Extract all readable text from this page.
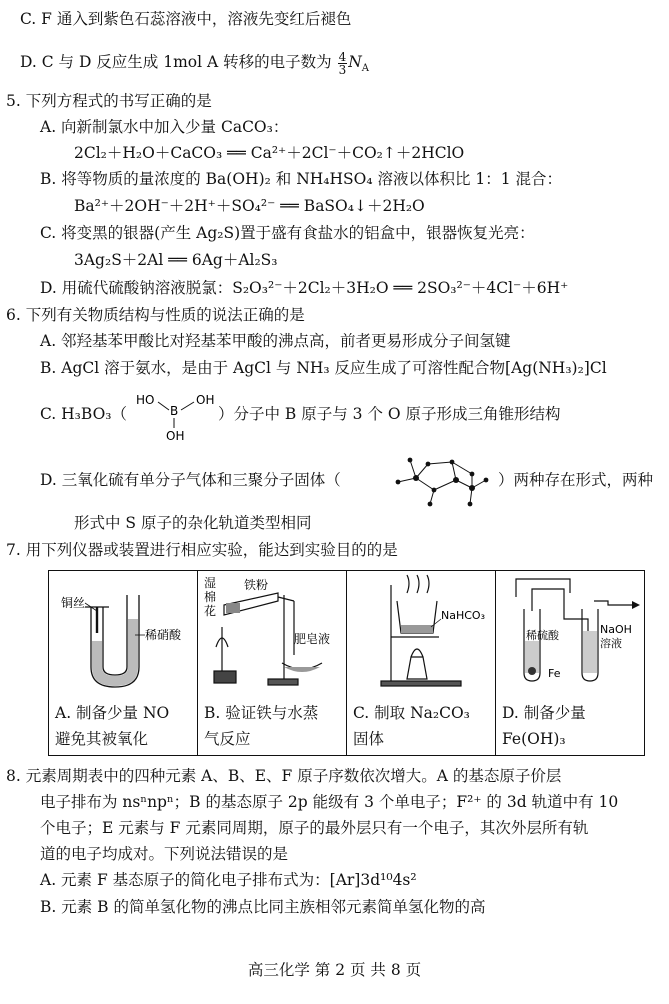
C. F 通入到紫色石蕊溶液中，溶液先变红后褪色
D. C 与 D 反应生成 1mol A 转移的电子数为 $\frac{4}{3} N_A$
5. 下列方程式的书写正确的是
A. 向新制氯水中加入少量 CaCO₃：
2Cl₂＋H₂O＋CaCO₃ ══ Ca²⁺＋2Cl⁻＋CO₂↑＋2HClO
B. 将等物质的量浓度的 Ba(OH)₂ 和 NH₄HSO₄ 溶液以体积比 1：1 混合：
Ba²⁺＋2OH⁻＋2H⁺＋SO₄²⁻ ══ BaSO₄↓＋2H₂O
C. 将变黑的银器(产生 Ag₂S)置于盛有食盐水的铝盒中，银器恢复光亮：
3Ag₂S＋2Al ══ 6Ag＋Al₂S₃
D. 用硫代硫酸钠溶液脱氯：S₂O₃²⁻＋2Cl₂＋3H₂O ══ 2SO₃²⁻＋4Cl⁻＋6H⁺
6. 下列有关物质结构与性质的说法正确的是
A. 邻羟基苯甲酸比对羟基苯甲酸的沸点高，前者更易形成分子间氢键
B. AgCl 溶于氨水，是由于 AgCl 与 NH₃ 反应生成了可溶性配合物[Ag(NH₃)₂]Cl
C. H₃BO₃（
HO
B
OH
OH
）分子中 B 原子与 3 个 O 原子形成三角锥形结构
D. 三氧化硫有单分子气体和三聚分子固体（	）两种存在形式，两种
形式中 S 原子的杂化轨道类型相同
7. 用下列仪器或装置进行相应实验，能达到实验目的的是
铜丝
稀硝酸
A. 制备少量 NO
避免其被氧化

湿
棉
花
铁粉
肥皂液
B. 验证铁与水蒸
气反应

NaHCO₃
C. 制取 Na₂CO₃
固体

稀硫酸
Fe
NaOH
溶液
D. 制备少量
Fe(OH)₃
8. 元素周期表中的四种元素 A、B、E、F 原子序数依次增大。A 的基态原子价层
电子排布为 nsⁿnpⁿ；B 的基态原子 2p 能级有 3 个单电子；F²⁺ 的 3d 轨道中有 10
个电子；E 元素与 F 元素同周期，原子的最外层只有一个电子，其次外层所有轨
道的电子均成对。下列说法错误的是
A. 元素 F 基态原子的简化电子排布式为：[Ar]3d¹⁰4s²
B. 元素 B 的简单氢化物的沸点比同主族相邻元素简单氢化物的高
高三化学 第 2 页 共 8 页
